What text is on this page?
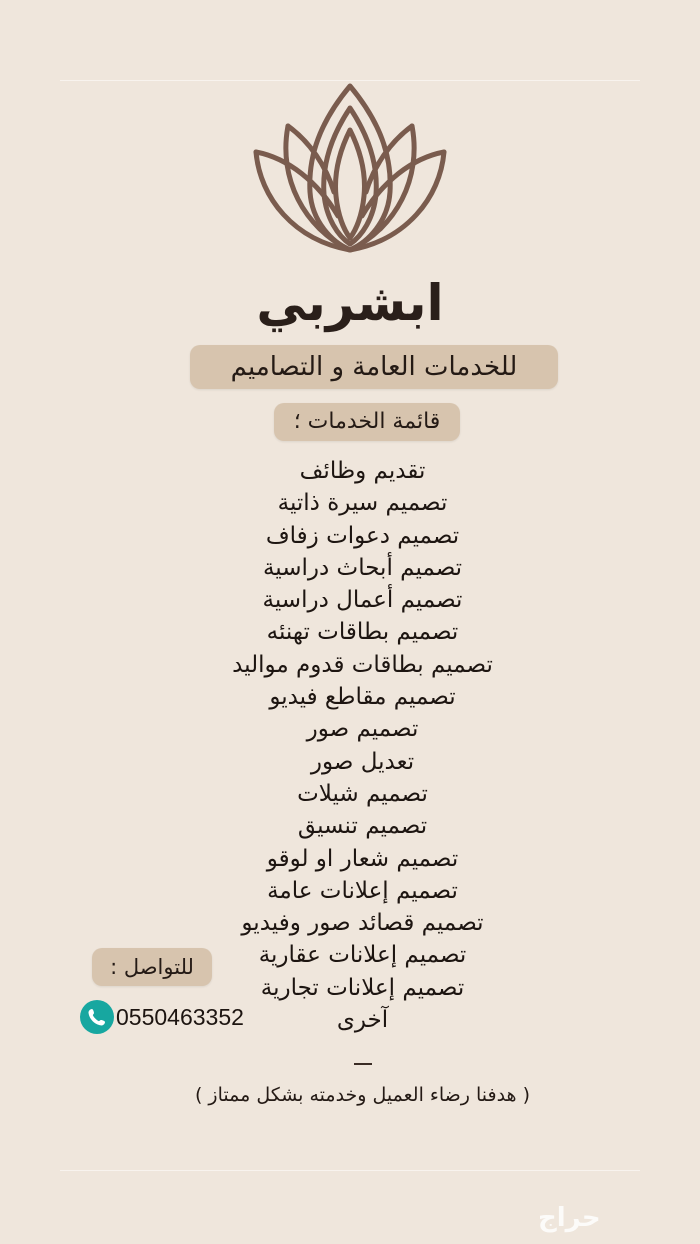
ابشربي
للخدمات العامة و التصاميم
قائمة الخدمات ؛
تقديم وظائف
تصميم سيرة ذاتية
تصميم دعوات زفاف
تصميم أبحاث دراسية
تصميم أعمال دراسية
تصميم بطاقات تهنئه
تصميم بطاقات قدوم مواليد
تصميم مقاطع فيديو
تصميم صور
تعديل صور
تصميم شيلات
تصميم تنسيق
تصميم شعار او لوقو
تصميم إعلانات عامة
تصميم قصائد صور وفيديو
تصميم إعلانات عقارية
تصميم إعلانات تجارية
آخرى
( هدفنا رضاء العميل وخدمته بشكل ممتاز )
للتواصل :
0550463352
حراج
